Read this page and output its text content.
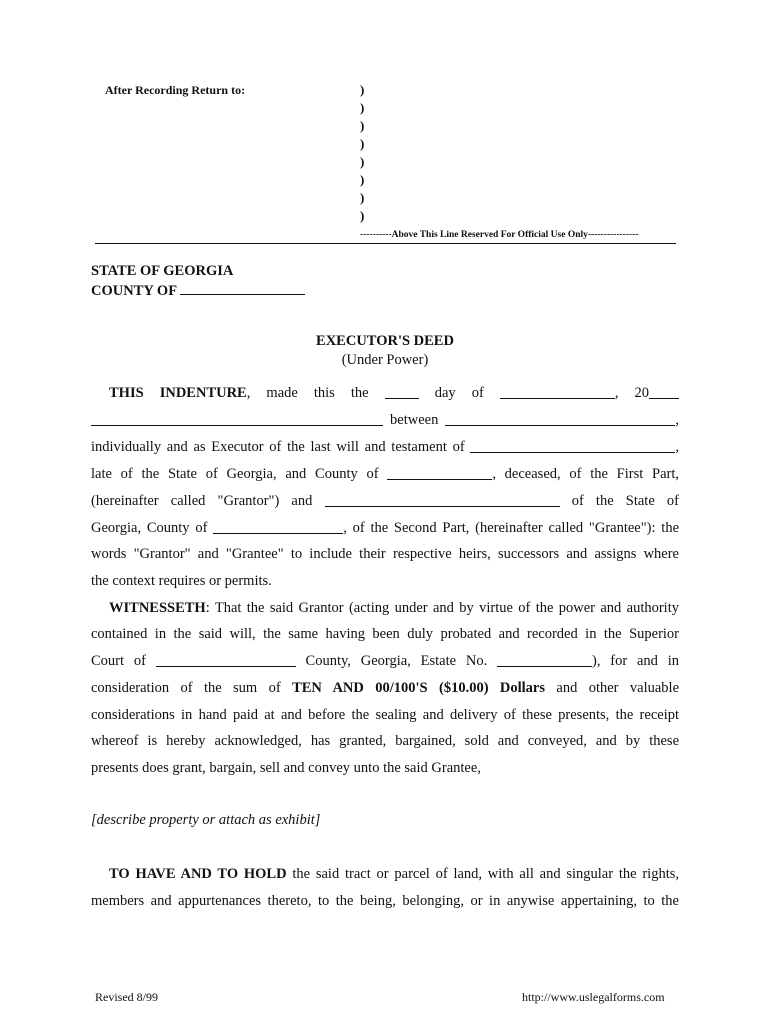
After Recording Return to:	)
)
)
)
)
)
)
)
----------Above This Line Reserved For Official Use Only----------------
STATE OF GEORGIA
COUNTY OF
EXECUTOR'S DEED
(Under Power)
THIS INDENTURE, made this the	day of	, 20
between	,
individually and as Executor of the last will and testament of	,
late of the State of Georgia, and County of	, deceased, of the First Part,
(hereinafter called "Grantor") and	of the State of
Georgia, County of	, of the Second Part, (hereinafter called "Grantee"): the
words "Grantor" and "Grantee" to include their respective heirs, successors and assigns where
the context requires or permits.
WITNESSETH: That the said Grantor (acting under and by virtue of the power and authority
contained in the said will, the same having been duly probated and recorded in the Superior
Court of	County, Georgia, Estate No.	), for and in
consideration of the sum of TEN AND 00/100'S ($10.00) Dollars and other valuable
considerations in hand paid at and before the sealing and delivery of these presents, the receipt
whereof is hereby acknowledged, has granted, bargained, sold and conveyed, and by these
presents does grant, bargain, sell and convey unto the said Grantee,
[describe property or attach as exhibit]
TO HAVE AND TO HOLD the said tract or parcel of land, with all and singular the rights,
members and appurtenances thereto, to the being, belonging, or in anywise appertaining, to the
Revised 8/99	http://www.uslegalforms.com
